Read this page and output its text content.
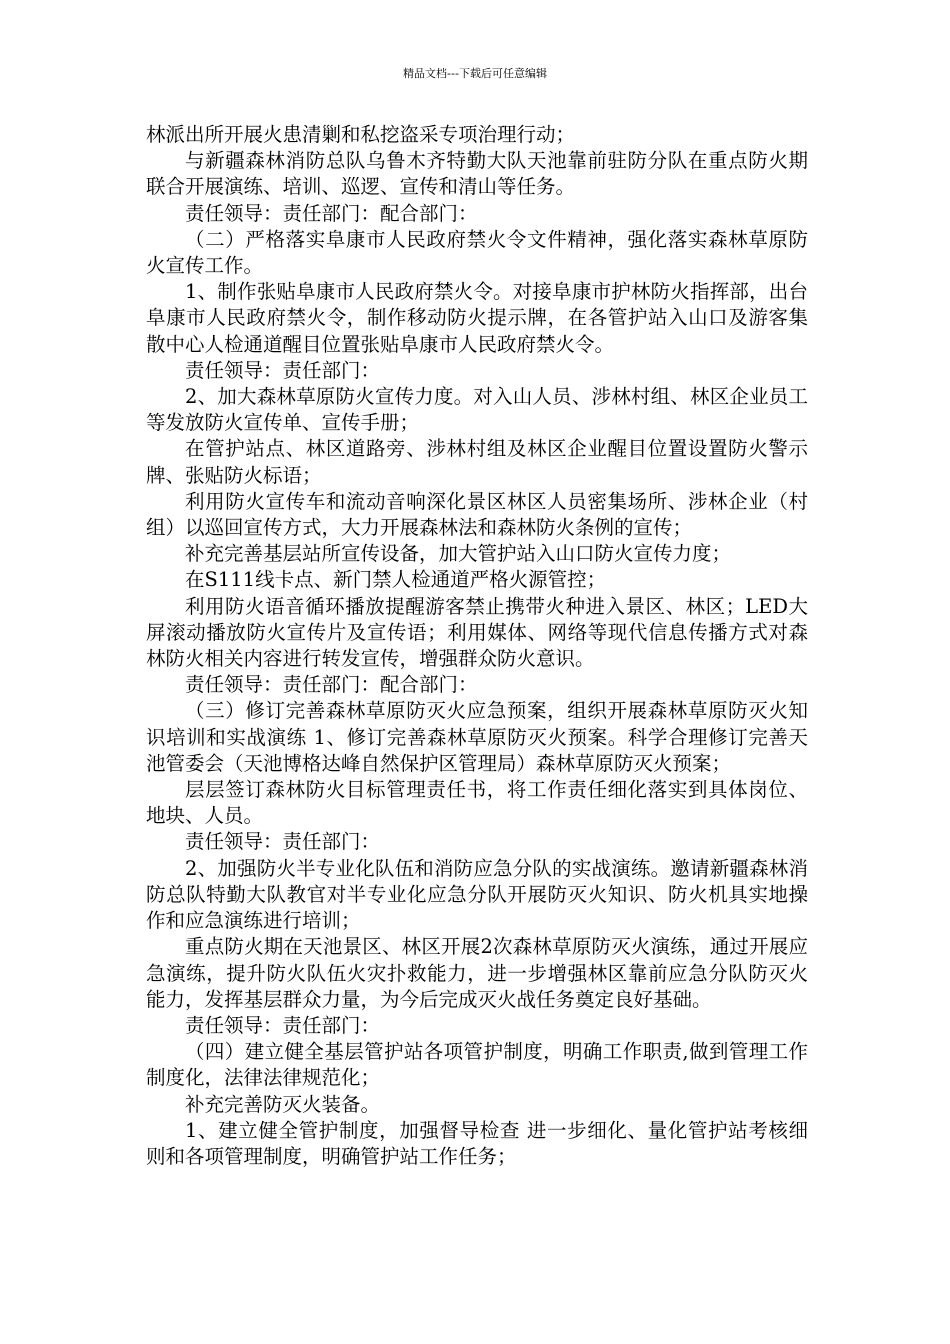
精品文档---下载后可任意编辑

林派出所开展火患清剿和私挖盗采专项治理行动；

与新疆森林消防总队乌鲁木齐特勤大队天池靠前驻防分队在重点防火期联合开展演练、培训、巡逻、宣传和清山等任务。

责任领导：责任部门：配合部门：

（二）严格落实阜康市人民政府禁火令文件精神，强化落实森林草原防火宣传工作。

1、制作张贴阜康市人民政府禁火令。对接阜康市护林防火指挥部，出台阜康市人民政府禁火令，制作移动防火提示牌，在各管护站入山口及游客集散中心人检通道醒目位置张贴阜康市人民政府禁火令。

责任领导：责任部门：

2、加大森林草原防火宣传力度。对入山人员、涉林村组、林区企业员工等发放防火宣传单、宣传手册；

在管护站点、林区道路旁、涉林村组及林区企业醒目位置设置防火警示牌、张贴防火标语；

利用防火宣传车和流动音响深化景区林区人员密集场所、涉林企业（村组）以巡回宣传方式，大力开展森林法和森林防火条例的宣传；

补充完善基层站所宣传设备，加大管护站入山口防火宣传力度；

在S111线卡点、新门禁人检通道严格火源管控；

利用防火语音循环播放提醒游客禁止携带火种进入景区、林区；LED大屏滚动播放防火宣传片及宣传语；利用媒体、网络等现代信息传播方式对森林防火相关内容进行转发宣传，增强群众防火意识。

责任领导：责任部门：配合部门：

（三）修订完善森林草原防灭火应急预案，组织开展森林草原防灭火知识培训和实战演练 1、修订完善森林草原防灭火预案。科学合理修订完善天池管委会（天池博格达峰自然保护区管理局）森林草原防灭火预案；

层层签订森林防火目标管理责任书，将工作责任细化落实到具体岗位、地块、人员。

责任领导：责任部门：

2、加强防火半专业化队伍和消防应急分队的实战演练。邀请新疆森林消防总队特勤大队教官对半专业化应急分队开展防灭火知识、防火机具实地操作和应急演练进行培训；

重点防火期在天池景区、林区开展2次森林草原防灭火演练，通过开展应急演练，提升防火队伍火灾扑救能力，进一步增强林区靠前应急分队防灭火能力，发挥基层群众力量，为今后完成灭火战任务奠定良好基础。

责任领导：责任部门：

（四）建立健全基层管护站各项管护制度，明确工作职责,做到管理工作制度化，法律法律规范化；

补充完善防灭火装备。

1、建立健全管护制度，加强督导检查 进一步细化、量化管护站考核细则和各项管理制度，明确管护站工作任务；
